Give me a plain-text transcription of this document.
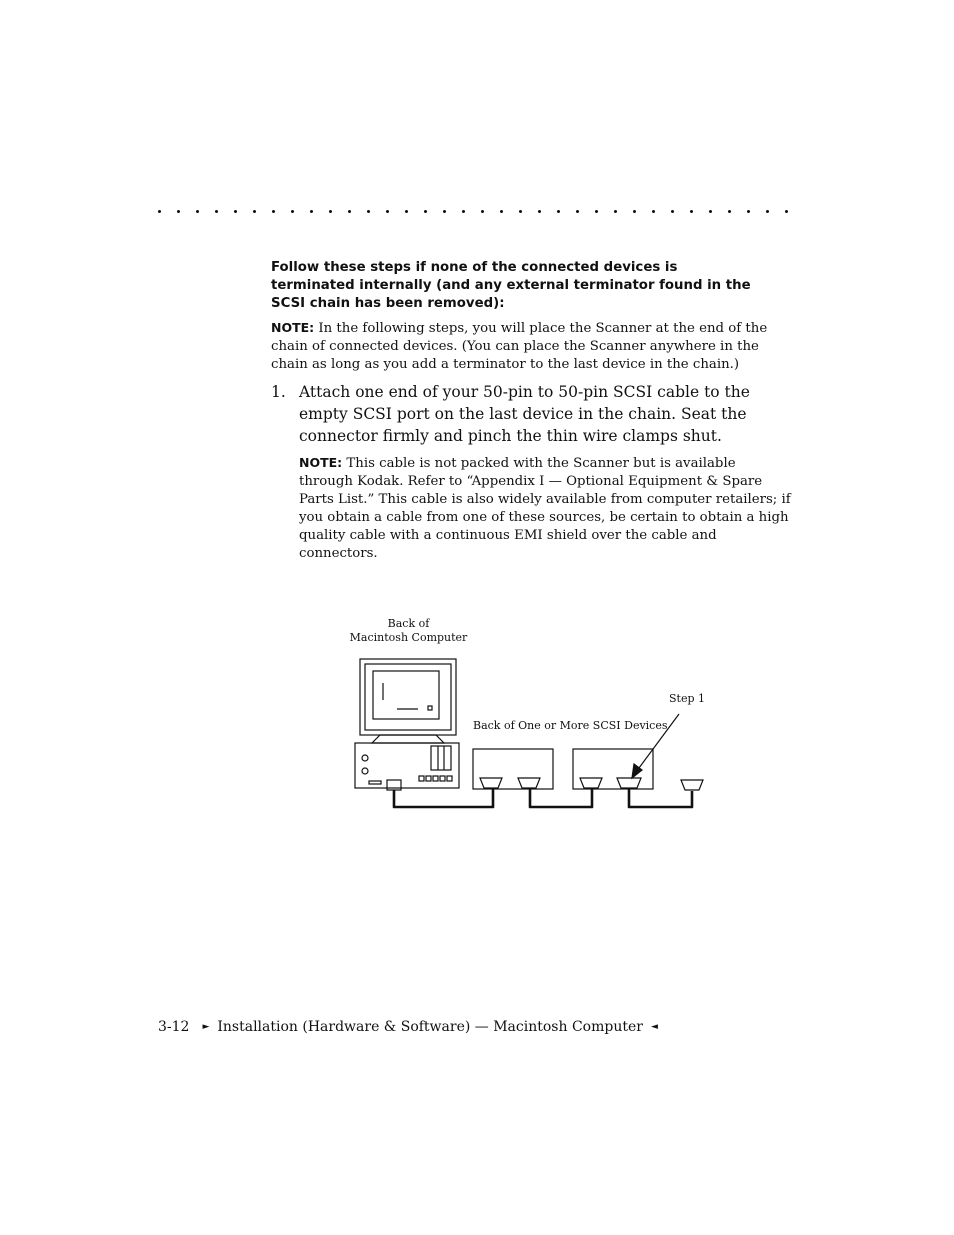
Follow these steps if none of the connected devices is
terminated internally (and any external terminator found in the
SCSI chain has been removed):
NOTE: In the following steps, you will place the Scanner at the end of the chain of connected devices. (You can place the Scanner anywhere in the chain as long as you add a terminator to the last device in the chain.)
1. Attach one end of your 50-pin to 50-pin SCSI cable to the empty SCSI port on the last device in the chain. Seat the connector firmly and pinch the thin wire clamps shut.
NOTE: This cable is not packed with the Scanner but is available through Kodak. Refer to “Appendix I — Optional Equipment & Spare Parts List.” This cable is also widely available from computer retailers; if you obtain a cable from one of these sources, be certain to obtain a high quality cable with a continuous EMI shield over the cable and connectors.
Back of
Macintosh Computer
Back of One or More SCSI Devices
Step 1
3-12 ► Installation (Hardware & Software) — Macintosh Computer ◄
